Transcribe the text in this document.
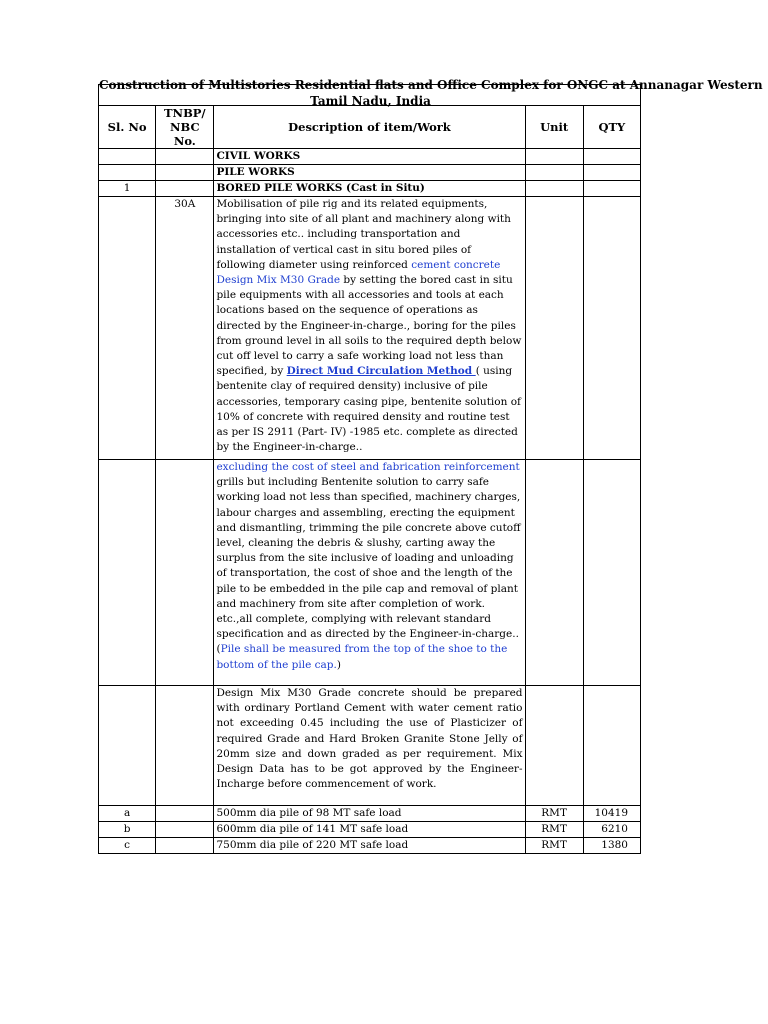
Construction of Multistories Residential flats and Office Complex for ONGC at Annanagar Western
Tamil Nadu, India
Sl. No	TNBP/ NBC No.	Description of item/Work	Unit	QTY
		CIVIL WORKS		
		PILE WORKS		
1		BORED PILE WORKS (Cast in Situ)		
	30A	Mobilisation of pile rig and its related equipments, bringing into site of all plant and machinery along with accessories etc.. including transportation and installation of vertical cast in situ bored piles of following diameter using reinforced cement concrete Design Mix M30 Grade by setting the bored cast in situ pile equipments with all accessories and tools at each locations based on the sequence of operations as directed by the Engineer-in-charge., boring for the piles from ground level in all soils to the required depth below cut off level to carry a safe working load not less than specified, by Direct Mud Circulation Method ( using bentenite clay of required density) inclusive of pile accessories, temporary casing pipe, bentenite solution of 10% of concrete with required density and routine test as per IS 2911 (Part- IV) -1985 etc. complete as directed by the Engineer-in-charge..		
		excluding the cost of steel and fabrication reinforcement grills but including Bentenite solution to carry safe working load not less than specified, machinery charges, labour charges and assembling, erecting the equipment and dismantling, trimming the pile concrete above cutoff level, cleaning the debris & slushy, carting away the surplus from the site inclusive of loading and unloading of transportation, the cost of shoe and the length of the pile to be embedded in the pile cap and removal of plant and machinery from site after completion of work. etc.,all complete, complying with relevant standard specification and as directed by the Engineer-in-charge.. (Pile shall be measured from the top of the shoe to the bottom of the pile cap.)		
		Design Mix M30 Grade concrete should be prepared with ordinary Portland Cement with water cement ratio not exceeding 0.45 including the use of Plasticizer of required Grade and Hard Broken Granite Stone Jelly of 20mm size and down graded as per requirement. Mix Design Data has to be got approved by the Engineer-Incharge before commencement of work.		
a		500mm dia pile of 98 MT safe load	RMT	10419
b		600mm dia pile of 141 MT safe load	RMT	6210
c		750mm dia pile of 220 MT safe load	RMT	1380
